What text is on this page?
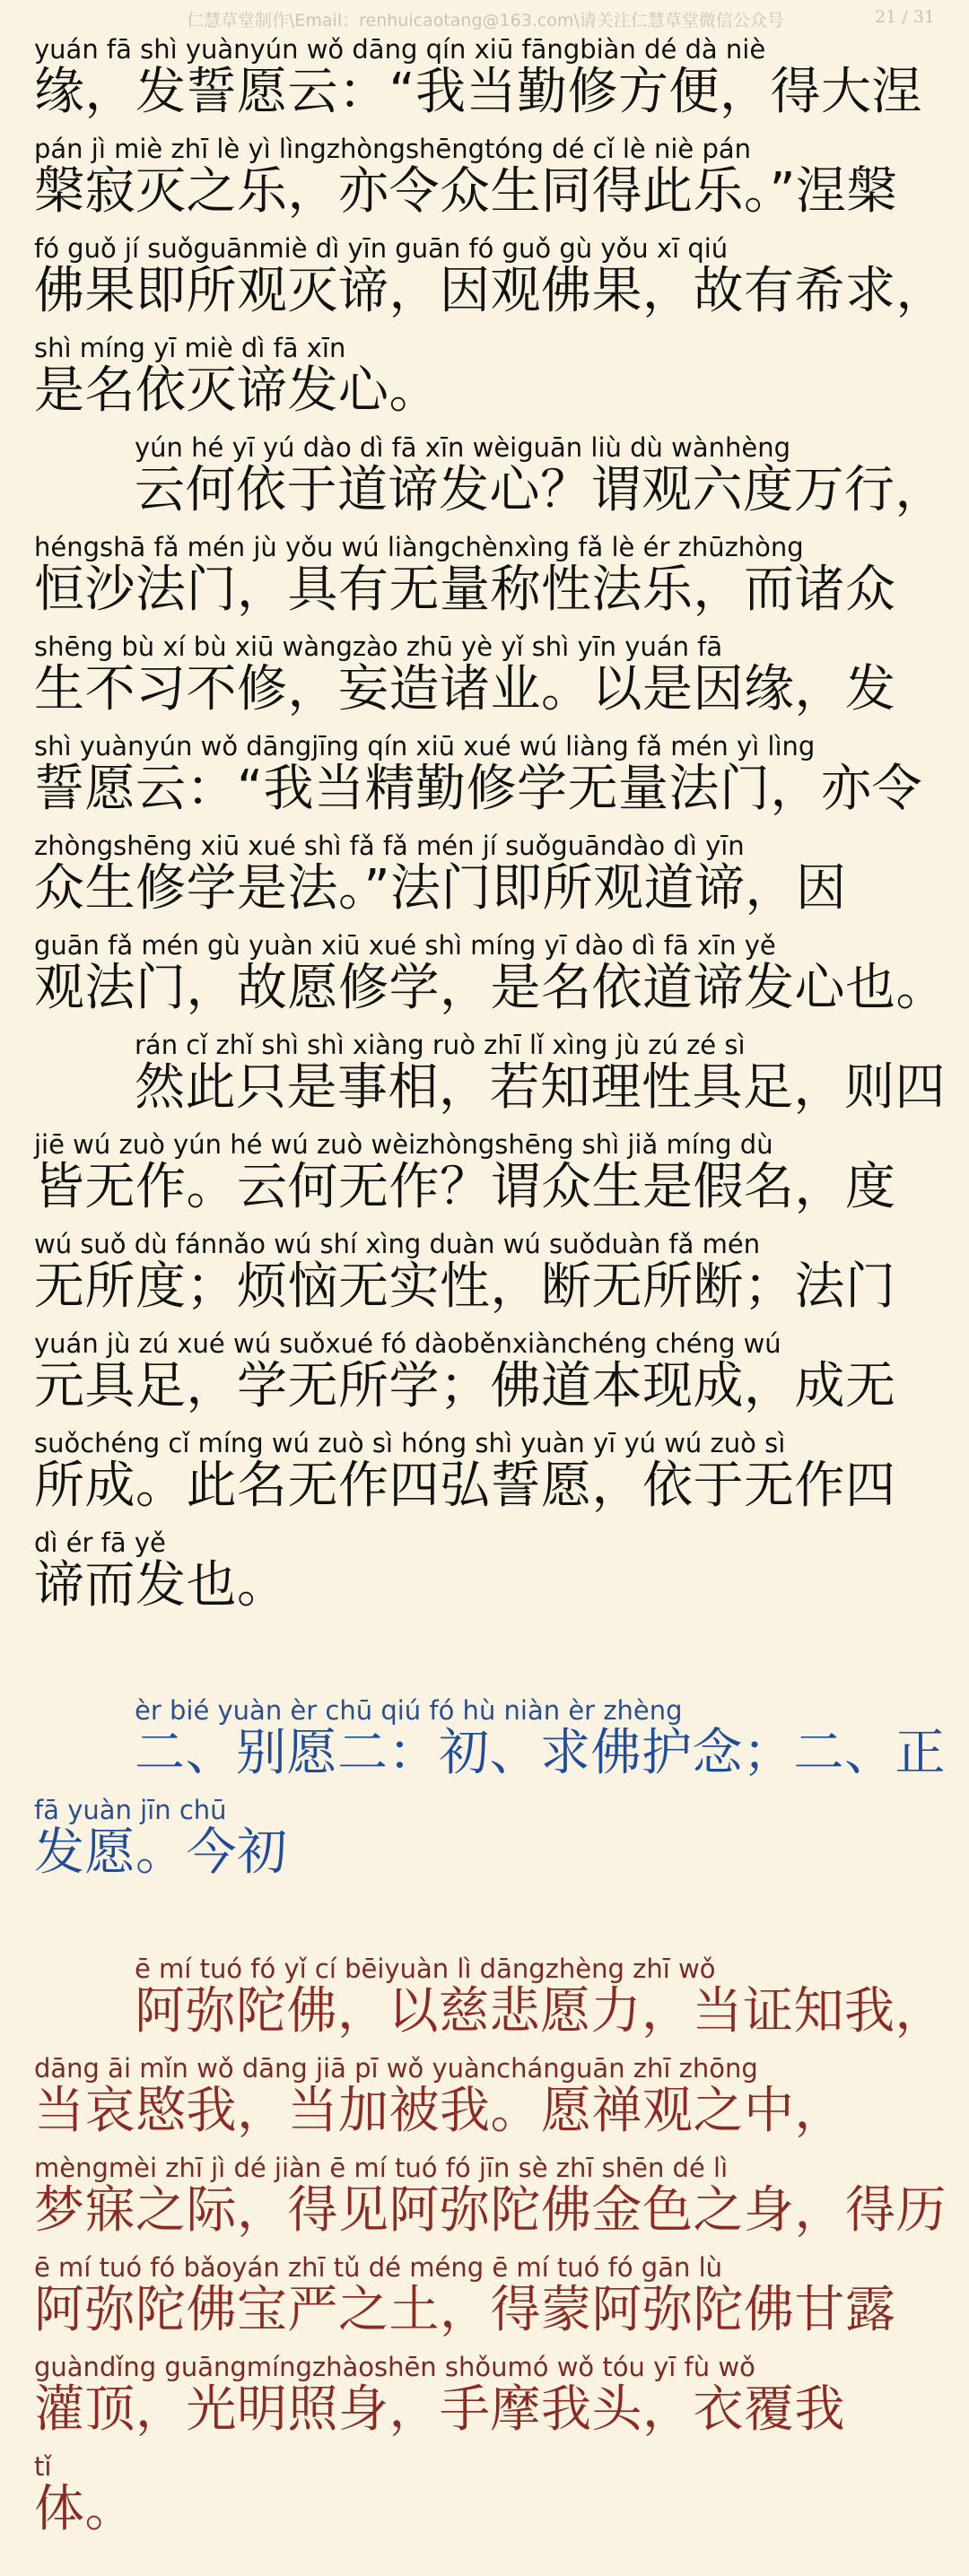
仁慧草堂制作\Email：renhuicaotang@163.com\请关注仁慧草堂微信公众号	21 / 31
yuán fā shì yuànyún wǒ dāng qín xiū fāngbiàn dé dà niè
缘，发誓愿云：“我当勤修方便，得大涅
pán jì miè zhī lè yì lìngzhòngshēngtóng dé cǐ lè niè pán
槃寂灭之乐，亦令众生同得此乐。”涅槃
fó guǒ jí suǒguānmiè dì yīn guān fó guǒ gù yǒu xī qiú
佛果即所观灭谛，因观佛果，故有希求，
shì míng yī miè dì fā xīn
是名依灭谛发心。
yún hé yī yú dào dì fā xīn wèiguān liù dù wànhèng
云何依于道谛发心？谓观六度万行，
héngshā fǎ mén jù yǒu wú liàngchènxìng fǎ lè ér zhūzhòng
恒沙法门，具有无量称性法乐，而诸众
shēng bù xí bù xiū wàngzào zhū yè yǐ shì yīn yuán fā
生不习不修，妄造诸业。以是因缘，发
shì yuànyún wǒ dāngjīng qín xiū xué wú liàng fǎ mén yì lìng
誓愿云：“我当精勤修学无量法门，亦令
zhòngshēng xiū xué shì fǎ fǎ mén jí suǒguāndào dì yīn
众生修学是法。”法门即所观道谛，因
guān fǎ mén gù yuàn xiū xué shì míng yī dào dì fā xīn yě
观法门，故愿修学，是名依道谛发心也。
rán cǐ zhǐ shì shì xiàng ruò zhī lǐ xìng jù zú zé sì
然此只是事相，若知理性具足，则四
jiē wú zuò yún hé wú zuò wèizhòngshēng shì jiǎ míng dù
皆无作。云何无作？谓众生是假名，度
wú suǒ dù fánnǎo wú shí xìng duàn wú suǒduàn fǎ mén
无所度；烦恼无实性，断无所断；法门
yuán jù zú xué wú suǒxué fó dàoběnxiànchéng chéng wú
元具足，学无所学；佛道本现成，成无
suǒchéng cǐ míng wú zuò sì hóng shì yuàn yī yú wú zuò sì
所成。此名无作四弘誓愿，依于无作四
dì ér fā yě
谛而发也。
èr bié yuàn èr chū qiú fó hù niàn èr zhèng
二、别愿二：初、求佛护念；二、正
fā yuàn jīn chū
发愿。今初
ē mí tuó fó yǐ cí bēiyuàn lì dāngzhèng zhī wǒ
阿弥陀佛，以慈悲愿力，当证知我，
dāng āi mǐn wǒ dāng jiā pī wǒ yuànchánguān zhī zhōng
当哀愍我，当加被我。愿禅观之中，
mèngmèi zhī jì dé jiàn ē mí tuó fó jīn sè zhī shēn dé lì
梦寐之际，得见阿弥陀佛金色之身，得历
ē mí tuó fó bǎoyán zhī tǔ dé méng ē mí tuó fó gān lù
阿弥陀佛宝严之土，得蒙阿弥陀佛甘露
guàndǐng guāngmíngzhàoshēn shǒumó wǒ tóu yī fù wǒ
灌顶，光明照身，手摩我头，衣覆我
tǐ
体。
